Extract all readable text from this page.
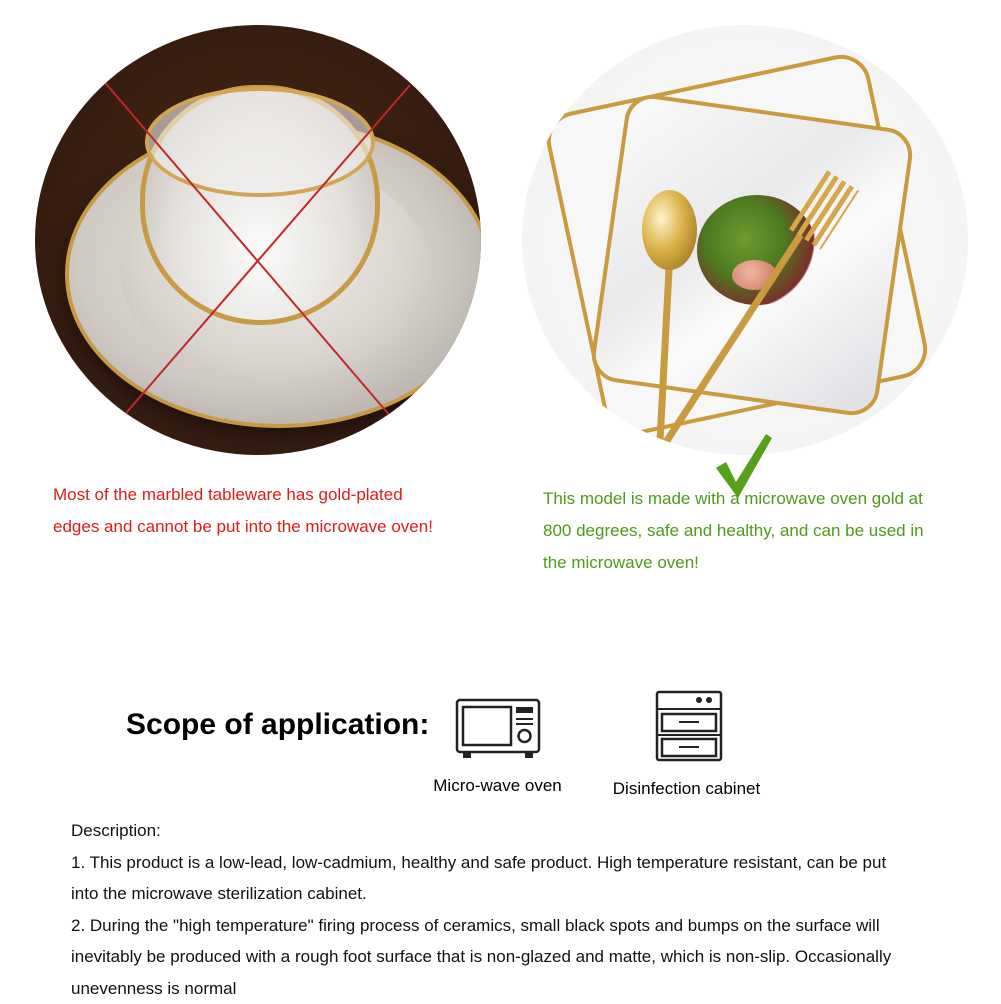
Most of the marbled tableware has gold-plated
edges and cannot be put into the microwave oven!
This model is made with a microwave oven gold at
800 degrees, safe and healthy, and can be used in
the microwave oven!
Scope of application:
Micro-wave oven	Disinfection cabinet
Description:
1. This product is a low-lead, low-cadmium, healthy and safe product. High temperature resistant, can be put
into the microwave sterilization cabinet.
2. During the "high temperature" firing process of ceramics, small black spots and bumps on the surface will
inevitably be produced with a rough foot surface that is non-glazed and matte, which is non-slip. Occasionally
unevenness is normal
